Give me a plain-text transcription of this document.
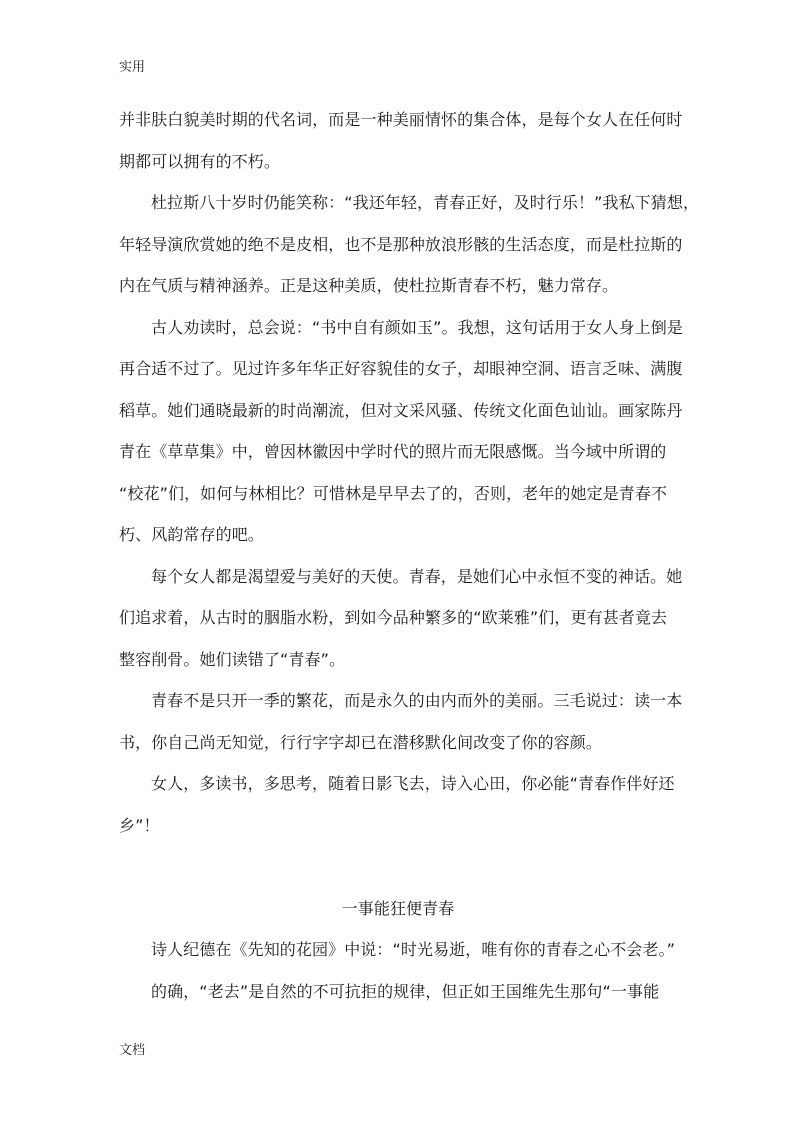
实用
并非肤白貌美时期的代名词，而是一种美丽情怀的集合体，是每个女人在任何时
期都可以拥有的不朽。
杜拉斯八十岁时仍能笑称：“我还年轻，青春正好，及时行乐！”我私下猜想，
年轻导演欣赏她的绝不是皮相，也不是那种放浪形骸的生活态度，而是杜拉斯的
内在气质与精神涵养。正是这种美质，使杜拉斯青春不朽，魅力常存。
古人劝读时，总会说：“书中自有颜如玉”。我想，这句话用于女人身上倒是
再合适不过了。见过许多年华正好容貌佳的女子，却眼神空洞、语言乏味、满腹
稻草。她们通晓最新的时尚潮流，但对文采风骚、传统文化面色讪讪。画家陈丹
青在《草草集》中，曾因林徽因中学时代的照片而无限感慨。当今域中所谓的
“校花”们，如何与林相比？可惜林是早早去了的，否则，老年的她定是青春不
朽、风韵常存的吧。
每个女人都是渴望爱与美好的天使。青春，是她们心中永恒不变的神话。她
们追求着，从古时的胭脂水粉，到如今品种繁多的“欧莱雅”们，更有甚者竟去
整容削骨。她们读错了“青春”。
青春不是只开一季的繁花，而是永久的由内而外的美丽。三毛说过：读一本
书，你自己尚无知觉，行行字字却已在潜移默化间改变了你的容颜。
女人，多读书，多思考，随着日影飞去，诗入心田，你必能“青春作伴好还
乡”！
一事能狂便青春
诗人纪德在《先知的花园》中说：“时光易逝，唯有你的青春之心不会老。”
的确，“老去”是自然的不可抗拒的规律，但正如王国维先生那句“一事能
文档
